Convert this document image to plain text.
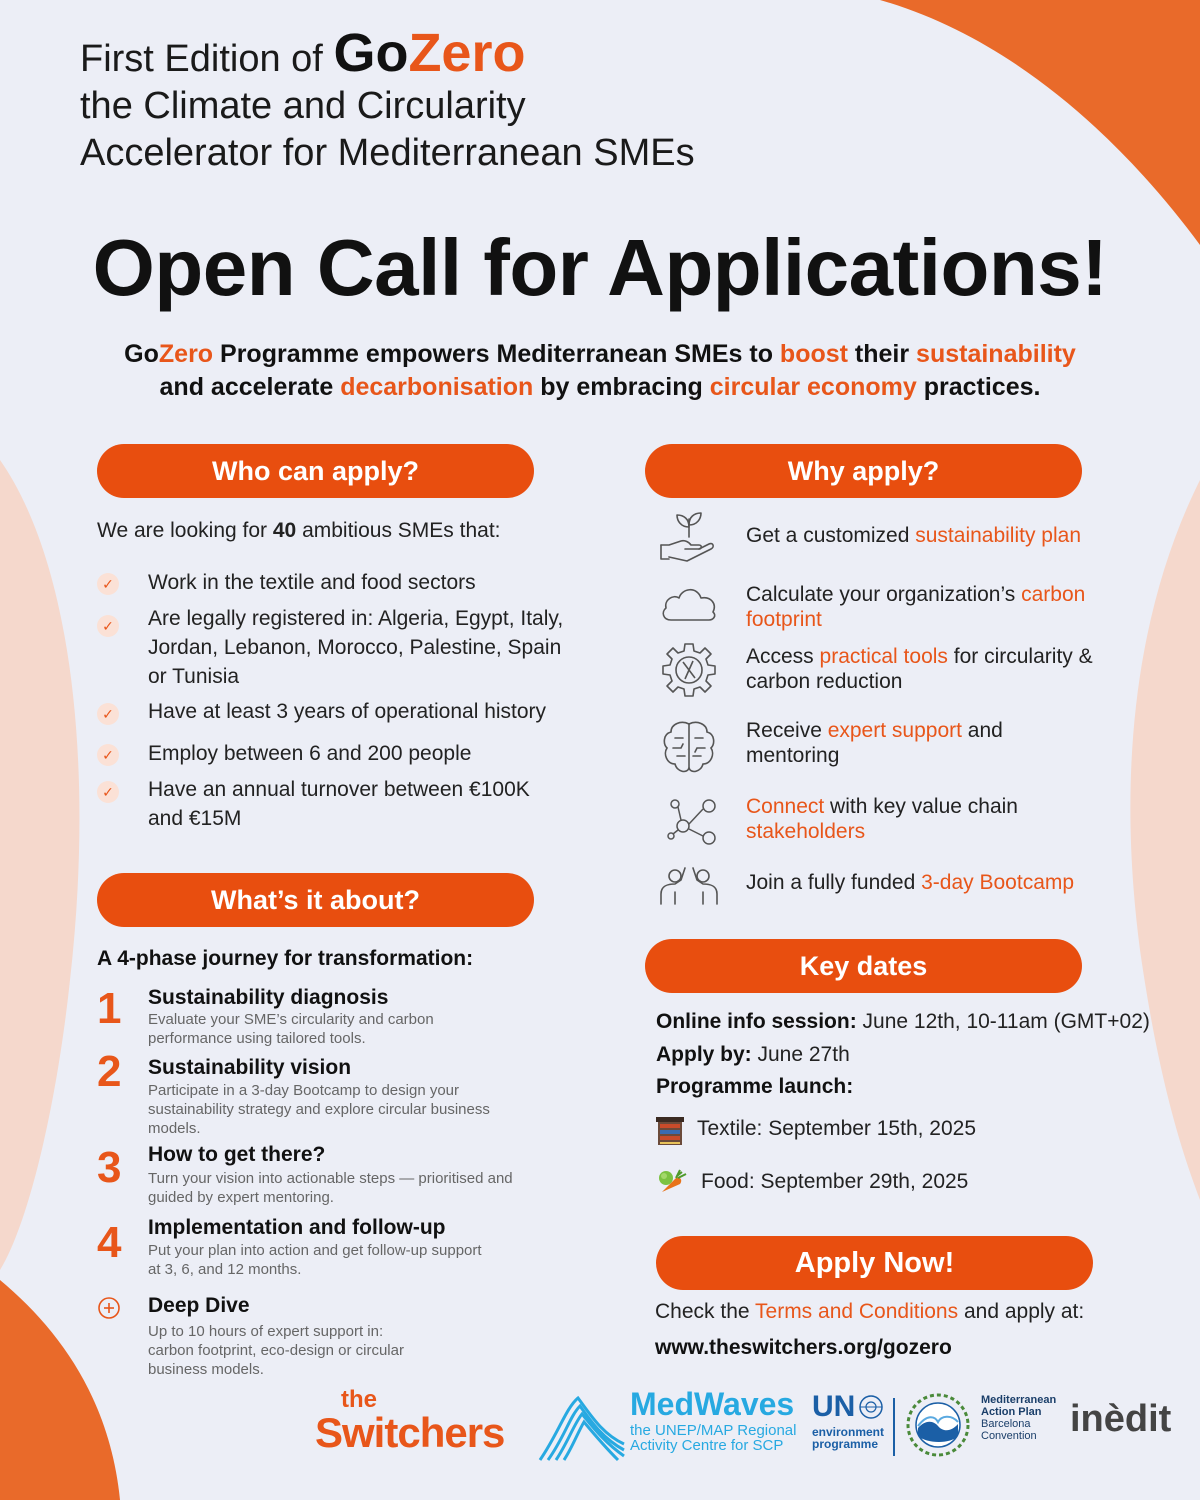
First Edition of GoZero
the Climate and Circularity
Accelerator for Mediterranean SMEs
Open Call for Applications!
GoZero Programme empowers Mediterranean SMEs to boost their sustainability
and accelerate decarbonisation by embracing circular economy practices.
Who can apply?
We are looking for 40 ambitious SMEs that:
✓ Work in the textile and food sectors
✓ Are legally registered in: Algeria, Egypt, Italy, Jordan, Lebanon, Morocco, Palestine, Spain or Tunisia
✓ Have at least 3 years of operational history
✓ Employ between 6 and 200 people
✓ Have an annual turnover between €100K and €15M
What’s it about?
A 4-phase journey for transformation:
1 Sustainability diagnosis
Evaluate your SME’s circularity and carbon performance using tailored tools.
2 Sustainability vision
Participate in a 3-day Bootcamp to design your sustainability strategy and explore circular business models.
3 How to get there?
Turn your vision into actionable steps — prioritised and guided by expert mentoring.
4 Implementation and follow-up
Put your plan into action and get follow-up support at 3, 6, and 12 months.
Deep Dive
Up to 10 hours of expert support in: carbon footprint, eco-design or circular business models.
Why apply?
Get a customized sustainability plan
Calculate your organization’s carbon footprint
Access practical tools for circularity & carbon reduction
Receive expert support and mentoring
Connect with key value chain stakeholders
Join a fully funded 3-day Bootcamp
Key dates
Online info session: June 12th, 10-11am (GMT+02)
Apply by: June 27th
Programme launch:
Textile: September 15th, 2025
Food: September 29th, 2025
Apply Now!
Check the Terms and Conditions and apply at:
www.theswitchers.org/gozero
the
Switchers
MedWaves
the UNEP/MAP Regional
Activity Centre for SCP
UN
environment
programme
Mediterranean
Action Plan
Barcelona
Convention inèdit
